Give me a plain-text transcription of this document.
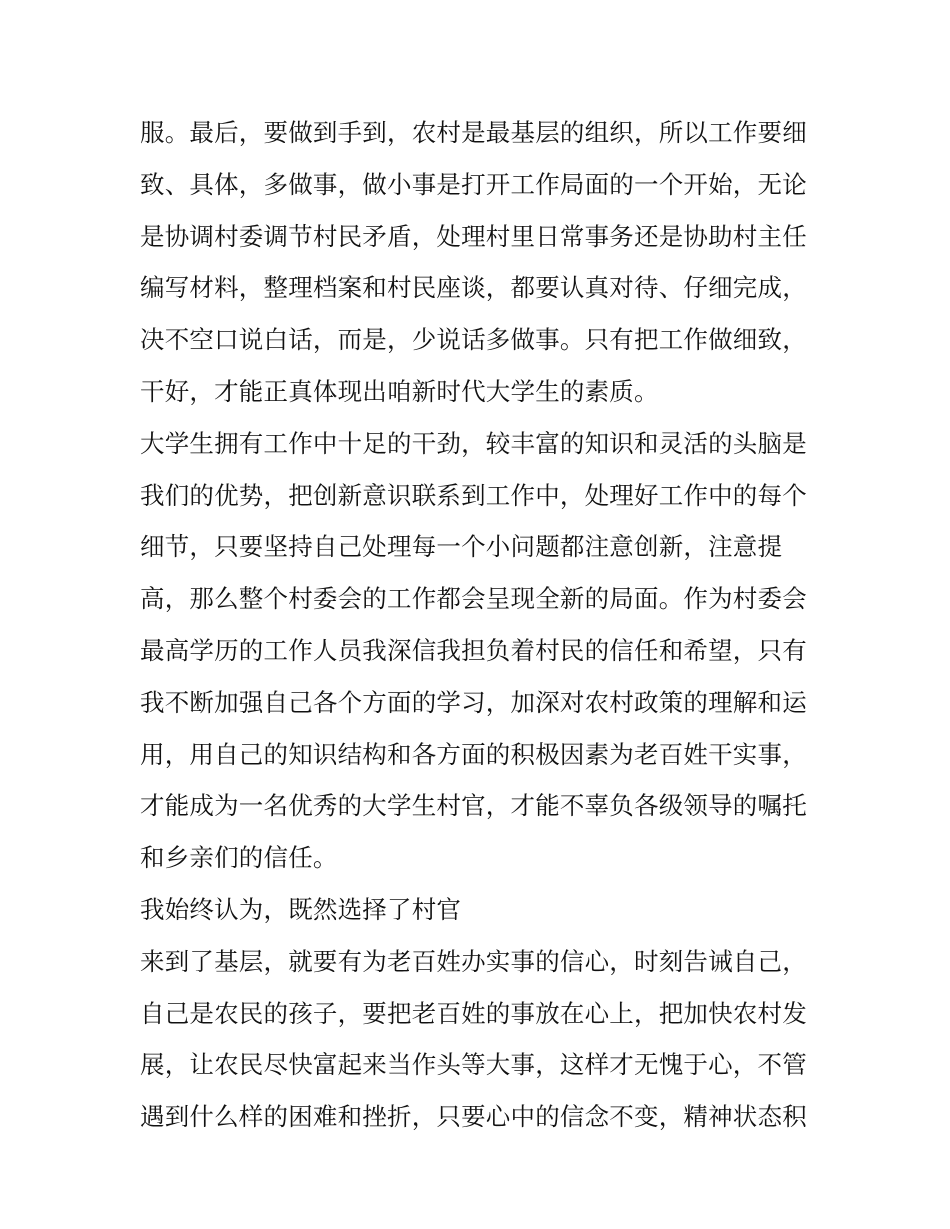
服。最后，要做到手到，农村是最基层的组织，所以工作要细
致、具体，多做事，做小事是打开工作局面的一个开始，无论
是协调村委调节村民矛盾，处理村里日常事务还是协助村主任
编写材料，整理档案和村民座谈，都要认真对待、仔细完成，
决不空口说白话，而是，少说话多做事。只有把工作做细致，
干好，才能正真体现出咱新时代大学生的素质。
大学生拥有工作中十足的干劲，较丰富的知识和灵活的头脑是
我们的优势，把创新意识联系到工作中，处理好工作中的每个
细节，只要坚持自己处理每一个小问题都注意创新，注意提
高，那么整个村委会的工作都会呈现全新的局面。作为村委会
最高学历的工作人员我深信我担负着村民的信任和希望，只有
我不断加强自己各个方面的学习，加深对农村政策的理解和运
用，用自己的知识结构和各方面的积极因素为老百姓干实事，
才能成为一名优秀的大学生村官，才能不辜负各级领导的嘱托
和乡亲们的信任。
我始终认为，既然选择了村官
来到了基层，就要有为老百姓办实事的信心，时刻告诫自己，
自己是农民的孩子，要把老百姓的事放在心上，把加快农村发
展，让农民尽快富起来当作头等大事，这样才无愧于心，不管
遇到什么样的困难和挫折，只要心中的信念不变，精神状态积
